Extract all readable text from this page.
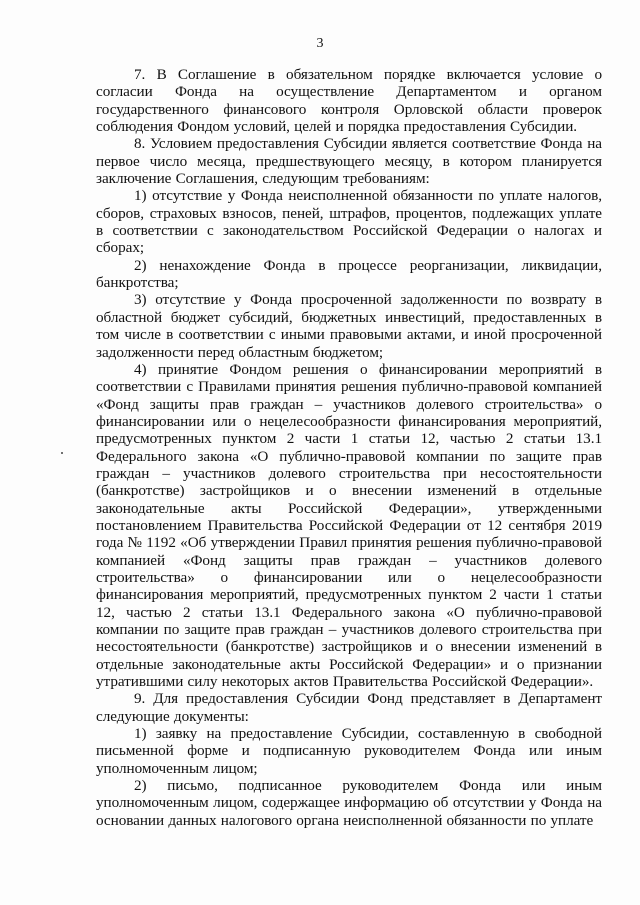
3

7. В Соглашение в обязательном порядке включается условие о согласии Фонда на осуществление Департаментом и органом государственного финансового контроля Орловской области проверок соблюдения Фондом условий, целей и порядка предоставления Субсидии.

8. Условием предоставления Субсидии является соответствие Фонда на первое число месяца, предшествующего месяцу, в котором планируется заключение Соглашения, следующим требованиям:

1) отсутствие у Фонда неисполненной обязанности по уплате налогов, сборов, страховых взносов, пеней, штрафов, процентов, подлежащих уплате в соответствии с законодательством Российской Федерации о налогах и сборах;

2) ненахождение Фонда в процессе реорганизации, ликвидации, банкротства;

3) отсутствие у Фонда просроченной задолженности по возврату в областной бюджет субсидий, бюджетных инвестиций, предоставленных в том числе в соответствии с иными правовыми актами, и иной просроченной задолженности перед областным бюджетом;

4) принятие Фондом решения о финансировании мероприятий в соответствии с Правилами принятия решения публично-правовой компанией «Фонд защиты прав граждан – участников долевого строительства» о финансировании или о нецелесообразности финансирования мероприятий, предусмотренных пунктом 2 части 1 статьи 12, частью 2 статьи 13.1 Федерального закона «О публично-правовой компании по защите прав граждан – участников долевого строительства при несостоятельности (банкротстве) застройщиков и о внесении изменений в отдельные законодательные акты Российской Федерации», утвержденными постановлением Правительства Российской Федерации от 12 сентября 2019 года № 1192 «Об утверждении Правил принятия решения публично-правовой компанией «Фонд защиты прав граждан – участников долевого строительства» о финансировании или о нецелесообразности финансирования мероприятий, предусмотренных пунктом 2 части 1 статьи 12, частью 2 статьи 13.1 Федерального закона «О публично-правовой компании по защите прав граждан – участников долевого строительства при несостоятельности (банкротстве) застройщиков и о внесении изменений в отдельные законодательные акты Российской Федерации» и о признании утратившими силу некоторых актов Правительства Российской Федерации».

9. Для предоставления Субсидии Фонд представляет в Департамент следующие документы:

1) заявку на предоставление Субсидии, составленную в свободной письменной форме и подписанную руководителем Фонда или иным уполномоченным лицом;

2) письмо, подписанное руководителем Фонда или иным уполномоченным лицом, содержащее информацию об отсутствии у Фонда на основании данных налогового органа неисполненной обязанности по уплате
